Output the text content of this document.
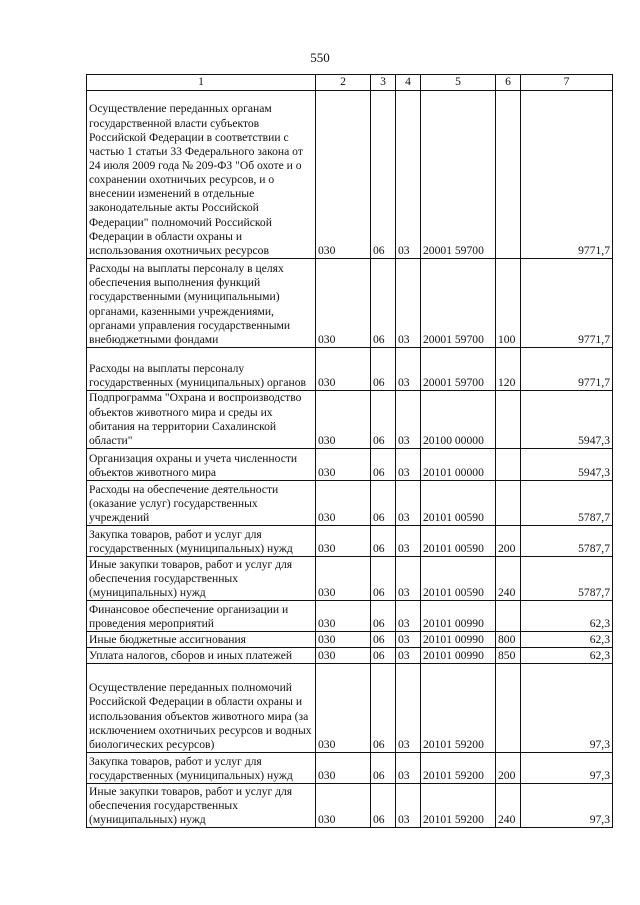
550
1	2	3	4	5	6	7
Осуществление переданных органам государственной власти субъектов Российской Федерации в соответствии с частью 1 статьи 33 Федерального закона от 24 июля 2009 года № 209-ФЗ "Об охоте и о сохранении охотничьих ресурсов, и о внесении изменений в отдельные законодательные акты Российской Федерации" полномочий Российской Федерации в области охраны и использования охотничьих ресурсов	030	06	03	20001 59700		9771,7
Расходы на выплаты персоналу в целях обеспечения выполнения функций государственными (муниципальными) органами, казенными учреждениями, органами управления государственными внебюджетными фондами	030	06	03	20001 59700	100	9771,7
Расходы на выплаты персоналу государственных (муниципальных) органов	030	06	03	20001 59700	120	9771,7
Подпрограмма "Охрана и воспроизводство объектов животного мира и среды их обитания на территории Сахалинской области"	030	06	03	20100 00000		5947,3
Организация охраны и учета численности объектов животного мира	030	06	03	20101 00000		5947,3
Расходы на обеспечение деятельности (оказание услуг) государственных учреждений	030	06	03	20101 00590		5787,7
Закупка товаров, работ и услуг для государственных (муниципальных) нужд	030	06	03	20101 00590	200	5787,7
Иные закупки товаров, работ и услуг для обеспечения государственных (муниципальных) нужд	030	06	03	20101 00590	240	5787,7
Финансовое обеспечение организации и проведения мероприятий	030	06	03	20101 00990		62,3
Иные бюджетные ассигнования	030	06	03	20101 00990	800	62,3
Уплата налогов, сборов и иных платежей	030	06	03	20101 00990	850	62,3
Осуществление переданных полномочий Российской Федерации в области охраны и использования объектов животного мира (за исключением охотничьих ресурсов и водных биологических ресурсов)	030	06	03	20101 59200		97,3
Закупка товаров, работ и услуг для государственных (муниципальных) нужд	030	06	03	20101 59200	200	97,3
Иные закупки товаров, работ и услуг для обеспечения государственных (муниципальных) нужд	030	06	03	20101 59200	240	97,3
